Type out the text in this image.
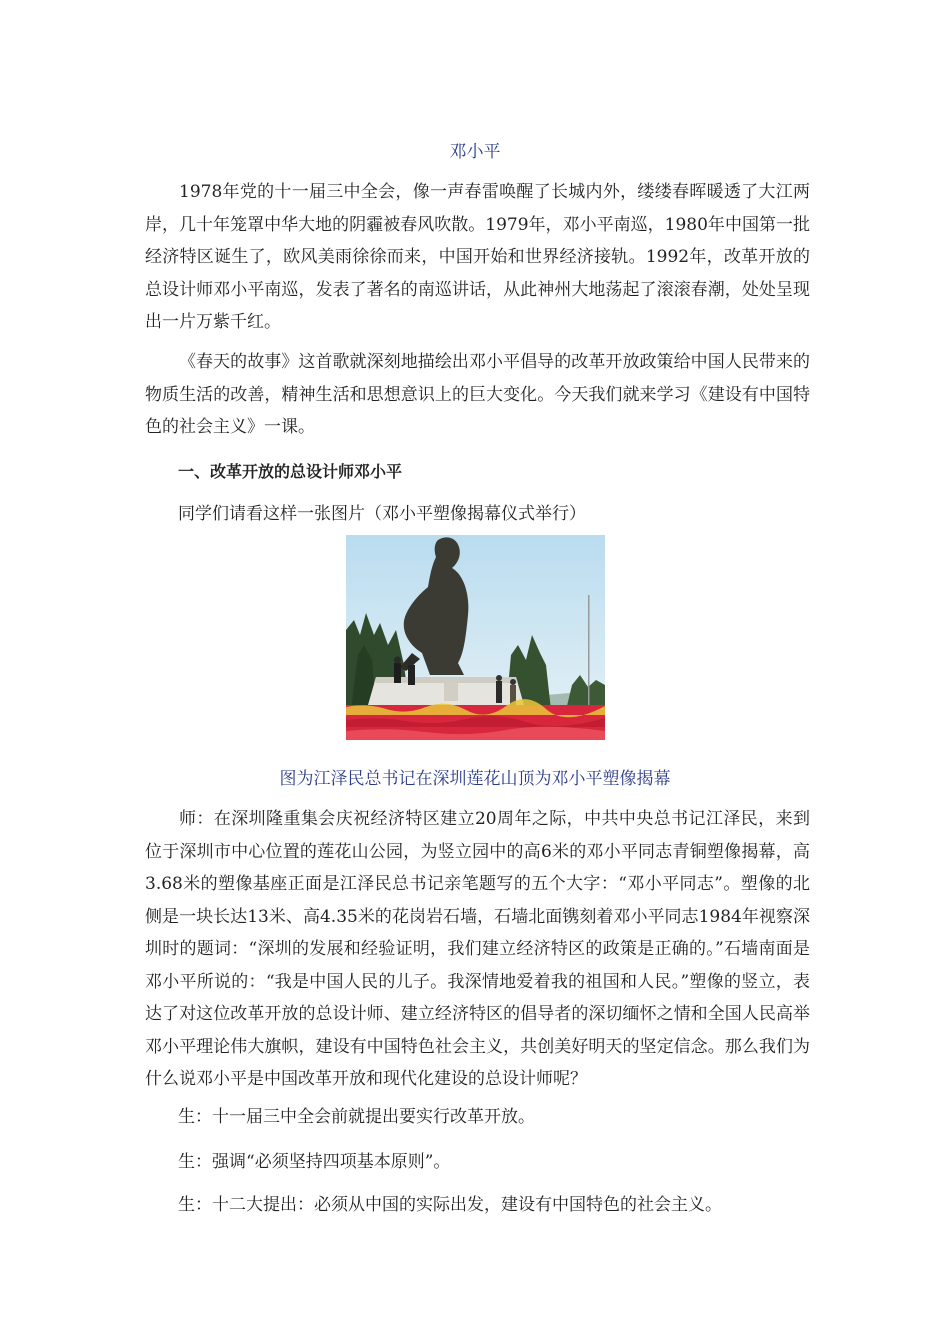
邓小平

1978年党的十一届三中全会，像一声春雷唤醒了长城内外，缕缕春晖暖透了大江两岸，几十年笼罩中华大地的阴霾被春风吹散。1979年，邓小平南巡，1980年中国第一批经济特区诞生了，欧风美雨徐徐而来，中国开始和世界经济接轨。1992年，改革开放的总设计师邓小平南巡，发表了著名的南巡讲话，从此神州大地荡起了滚滚春潮，处处呈现出一片万紫千红。

《春天的故事》这首歌就深刻地描绘出邓小平倡导的改革开放政策给中国人民带来的物质生活的改善，精神生活和思想意识上的巨大变化。今天我们就来学习《建设有中国特色的社会主义》一课。

一、改革开放的总设计师邓小平
同学们请看这样一张图片（邓小平塑像揭幕仪式举行）
图为江泽民总书记在深圳莲花山顶为邓小平塑像揭幕

师：在深圳隆重集会庆祝经济特区建立20周年之际，中共中央总书记江泽民，来到位于深圳市中心位置的莲花山公园，为竖立园中的高6米的邓小平同志青铜塑像揭幕，高3.68米的塑像基座正面是江泽民总书记亲笔题写的五个大字：“邓小平同志”。塑像的北侧是一块长达13米、高4.35米的花岗岩石墙，石墙北面镌刻着邓小平同志1984年视察深圳时的题词：“深圳的发展和经验证明，我们建立经济特区的政策是正确的。”石墙南面是邓小平所说的：“我是中国人民的儿子。我深情地爱着我的祖国和人民。”塑像的竖立，表达了对这位改革开放的总设计师、建立经济特区的倡导者的深切缅怀之情和全国人民高举邓小平理论伟大旗帜，建设有中国特色社会主义，共创美好明天的坚定信念。那么我们为什么说邓小平是中国改革开放和现代化建设的总设计师呢？

生：十一届三中全会前就提出要实行改革开放。
生：强调“必须坚持四项基本原则”。
生：十二大提出：必须从中国的实际出发，建设有中国特色的社会主义。
